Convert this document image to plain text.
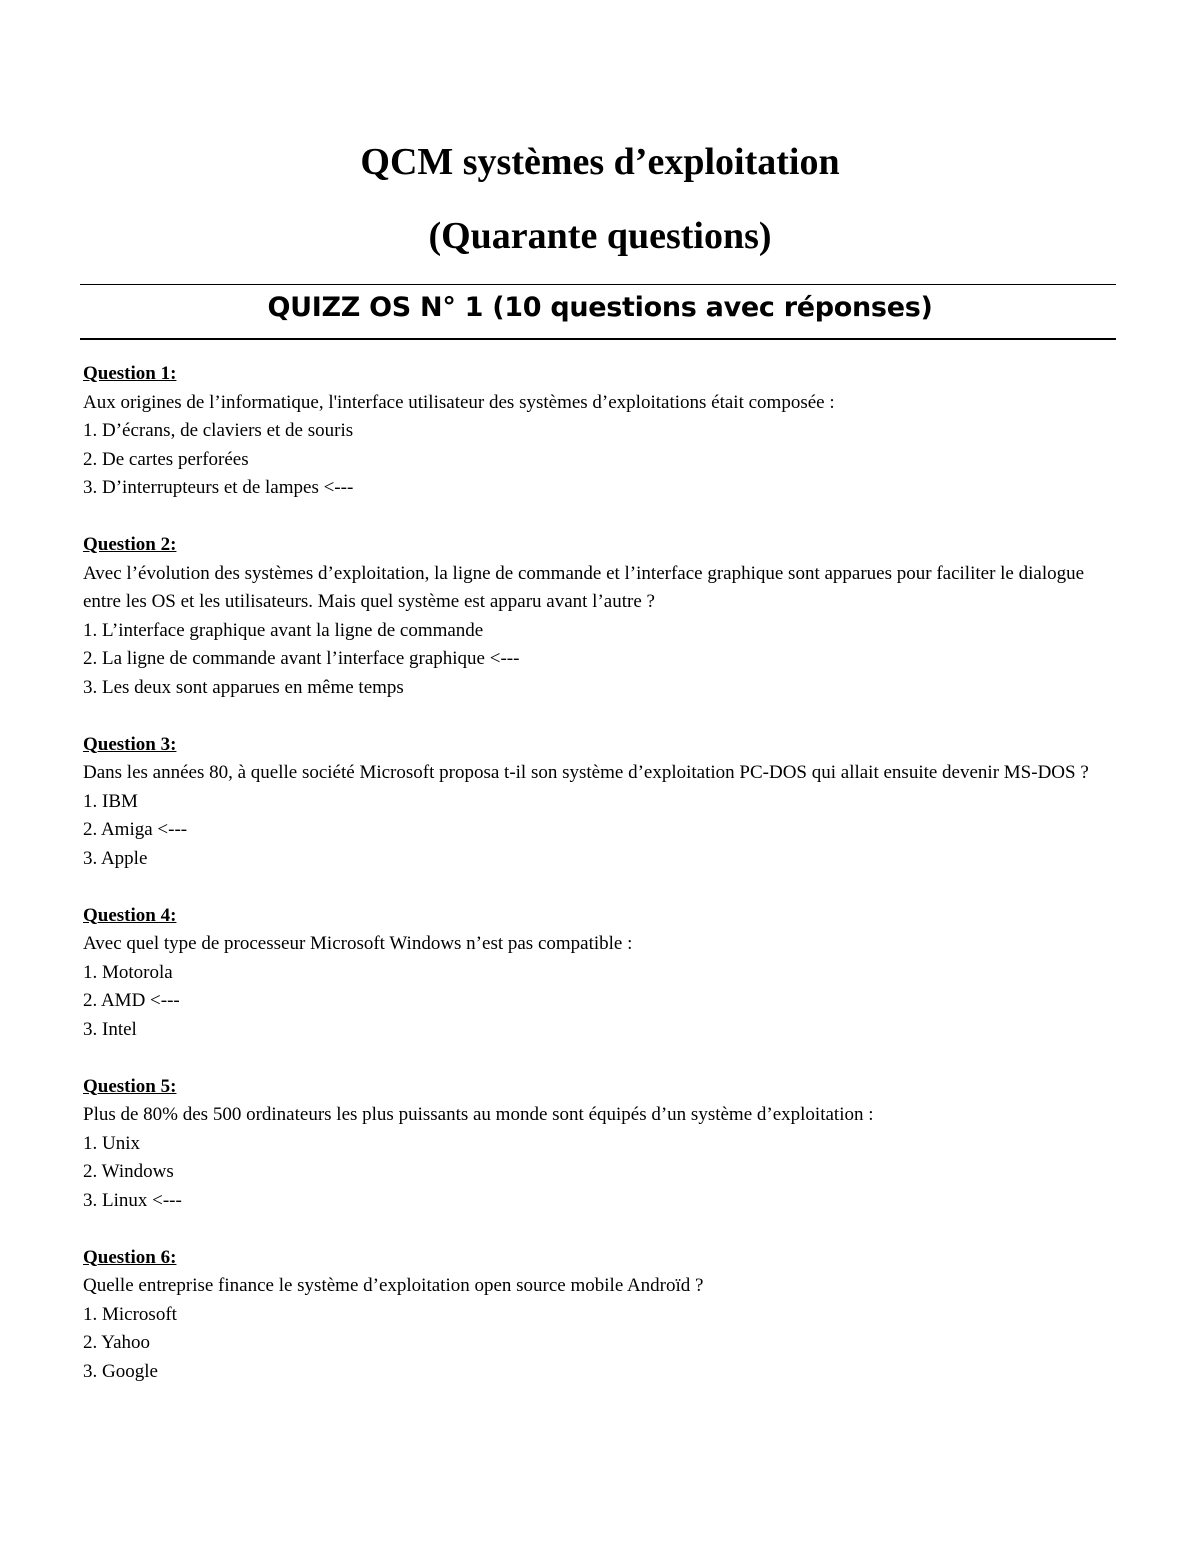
QCM systèmes d’exploitation
(Quarante questions)
QUIZZ OS N° 1 (10 questions avec réponses)
Question 1:
Aux origines de l’informatique, l'interface utilisateur des systèmes d’exploitations était composée :
1. D’écrans, de claviers et de souris
2. De cartes perforées
3. D’interrupteurs et de lampes <---
Question 2:
Avec l’évolution des systèmes d’exploitation, la ligne de commande et l’interface graphique sont apparues pour faciliter le dialogue entre les OS et les utilisateurs. Mais quel système est apparu avant l’autre ?
1. L’interface graphique avant la ligne de commande
2. La ligne de commande avant l’interface graphique <---
3. Les deux sont apparues en même temps
Question 3:
Dans les années 80, à quelle société Microsoft proposa t-il son système d’exploitation PC-DOS qui allait ensuite devenir MS-DOS ?
1. IBM
2. Amiga <---
3. Apple
Question 4:
Avec quel type de processeur Microsoft Windows n’est pas compatible :
1. Motorola
2. AMD <---
3. Intel
Question 5:
Plus de 80% des 500 ordinateurs les plus puissants au monde sont équipés d’un système d’exploitation :
1. Unix
2. Windows
3. Linux <---
Question 6:
Quelle entreprise finance le système d’exploitation open source mobile Androïd ?
1. Microsoft
2. Yahoo
3. Google
